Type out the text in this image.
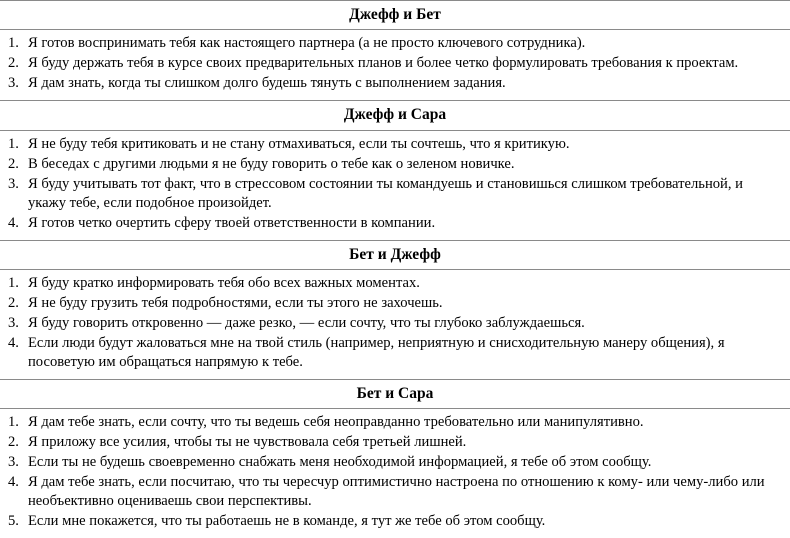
Джефф и Бет
1. Я готов воспринимать тебя как настоящего партнера (а не просто ключевого сотрудника).
2. Я буду держать тебя в курсе своих предварительных планов и более четко формулировать требования к проектам.
3. Я дам знать, когда ты слишком долго будешь тянуть с выполнением задания.
Джефф и Сара
1. Я не буду тебя критиковать и не стану отмахиваться, если ты сочтешь, что я критикую.
2. В беседах с другими людьми я не буду говорить о тебе как о зеленом новичке.
3. Я буду учитывать тот факт, что в стрессовом состоянии ты командуешь и становишься слишком требовательной, и укажу тебе, если подобное произойдет.
4. Я готов четко очертить сферу твоей ответственности в компании.
Бет и Джефф
1. Я буду кратко информировать тебя обо всех важных моментах.
2. Я не буду грузить тебя подробностями, если ты этого не захочешь.
3. Я буду говорить откровенно — даже резко, — если сочту, что ты глубоко заблуждаешься.
4. Если люди будут жаловаться мне на твой стиль (например, неприятную и снисходительную манеру общения), я посоветую им обращаться напрямую к тебе.
Бет и Сара
1. Я дам тебе знать, если сочту, что ты ведешь себя неоправданно требовательно или манипулятивно.
2. Я приложу все усилия, чтобы ты не чувствовала себя третьей лишней.
3. Если ты не будешь своевременно снабжать меня необходимой информацией, я тебе об этом сообщу.
4. Я дам тебе знать, если посчитаю, что ты чересчур оптимистично настроена по отношению к кому- или чему-либо или необъективно оцениваешь свои перспективы.
5. Если мне покажется, что ты работаешь не в команде, я тут же тебе об этом сообщу.
